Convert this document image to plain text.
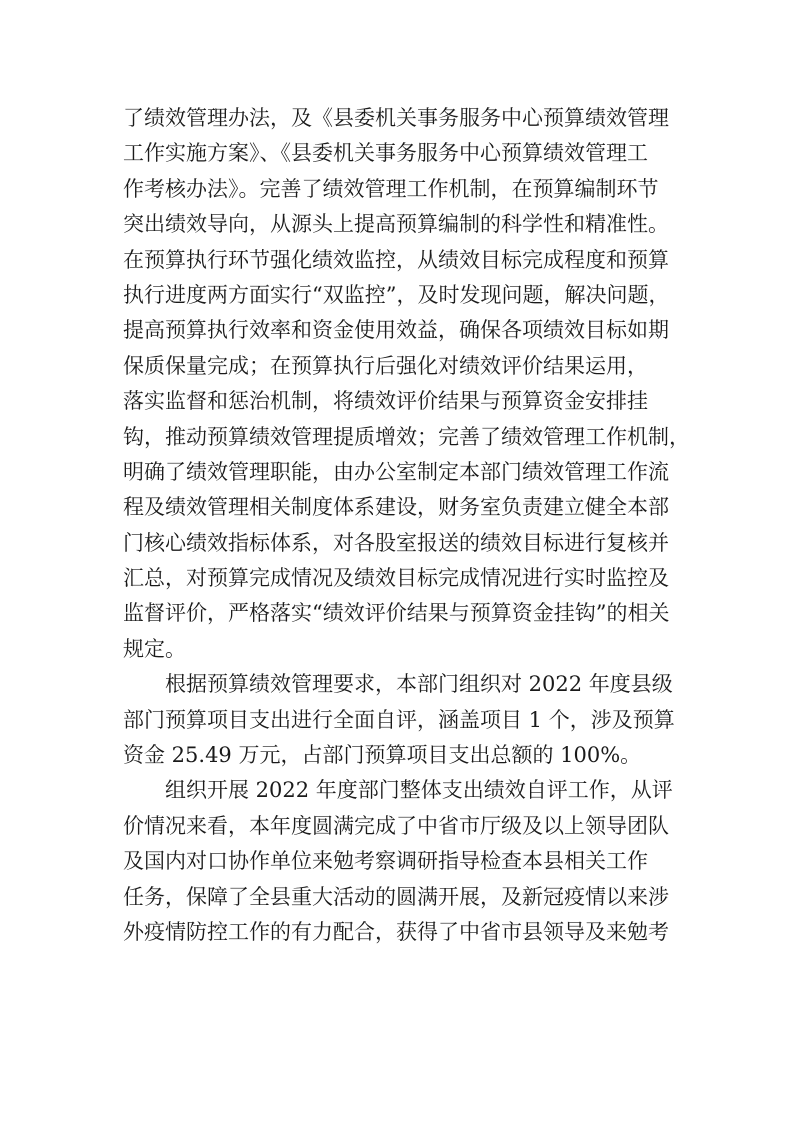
了绩效管理办法，及《县委机关事务服务中心预算绩效管理
工作实施方案》、《县委机关事务服务中心预算绩效管理工
作考核办法》。完善了绩效管理工作机制，在预算编制环节
突出绩效导向，从源头上提高预算编制的科学性和精准性。
在预算执行环节强化绩效监控，从绩效目标完成程度和预算
执行进度两方面实行“双监控”，及时发现问题，解决问题，
提高预算执行效率和资金使用效益，确保各项绩效目标如期
保质保量完成；在预算执行后强化对绩效评价结果运用，
落实监督和惩治机制，将绩效评价结果与预算资金安排挂
钩，推动预算绩效管理提质增效；完善了绩效管理工作机制，
明确了绩效管理职能，由办公室制定本部门绩效管理工作流
程及绩效管理相关制度体系建设，财务室负责建立健全本部
门核心绩效指标体系，对各股室报送的绩效目标进行复核并
汇总，对预算完成情况及绩效目标完成情况进行实时监控及
监督评价，严格落实“绩效评价结果与预算资金挂钩”的相关
规定。
根据预算绩效管理要求，本部门组织对 2022 年度县级
部门预算项目支出进行全面自评，涵盖项目 1 个，涉及预算
资金 25.49 万元，占部门预算项目支出总额的 100%。
组织开展 2022 年度部门整体支出绩效自评工作，从评
价情况来看，本年度圆满完成了中省市厅级及以上领导团队
及国内对口协作单位来勉考察调研指导检查本县相关工作
任务，保障了全县重大活动的圆满开展，及新冠疫情以来涉
外疫情防控工作的有力配合，获得了中省市县领导及来勉考
